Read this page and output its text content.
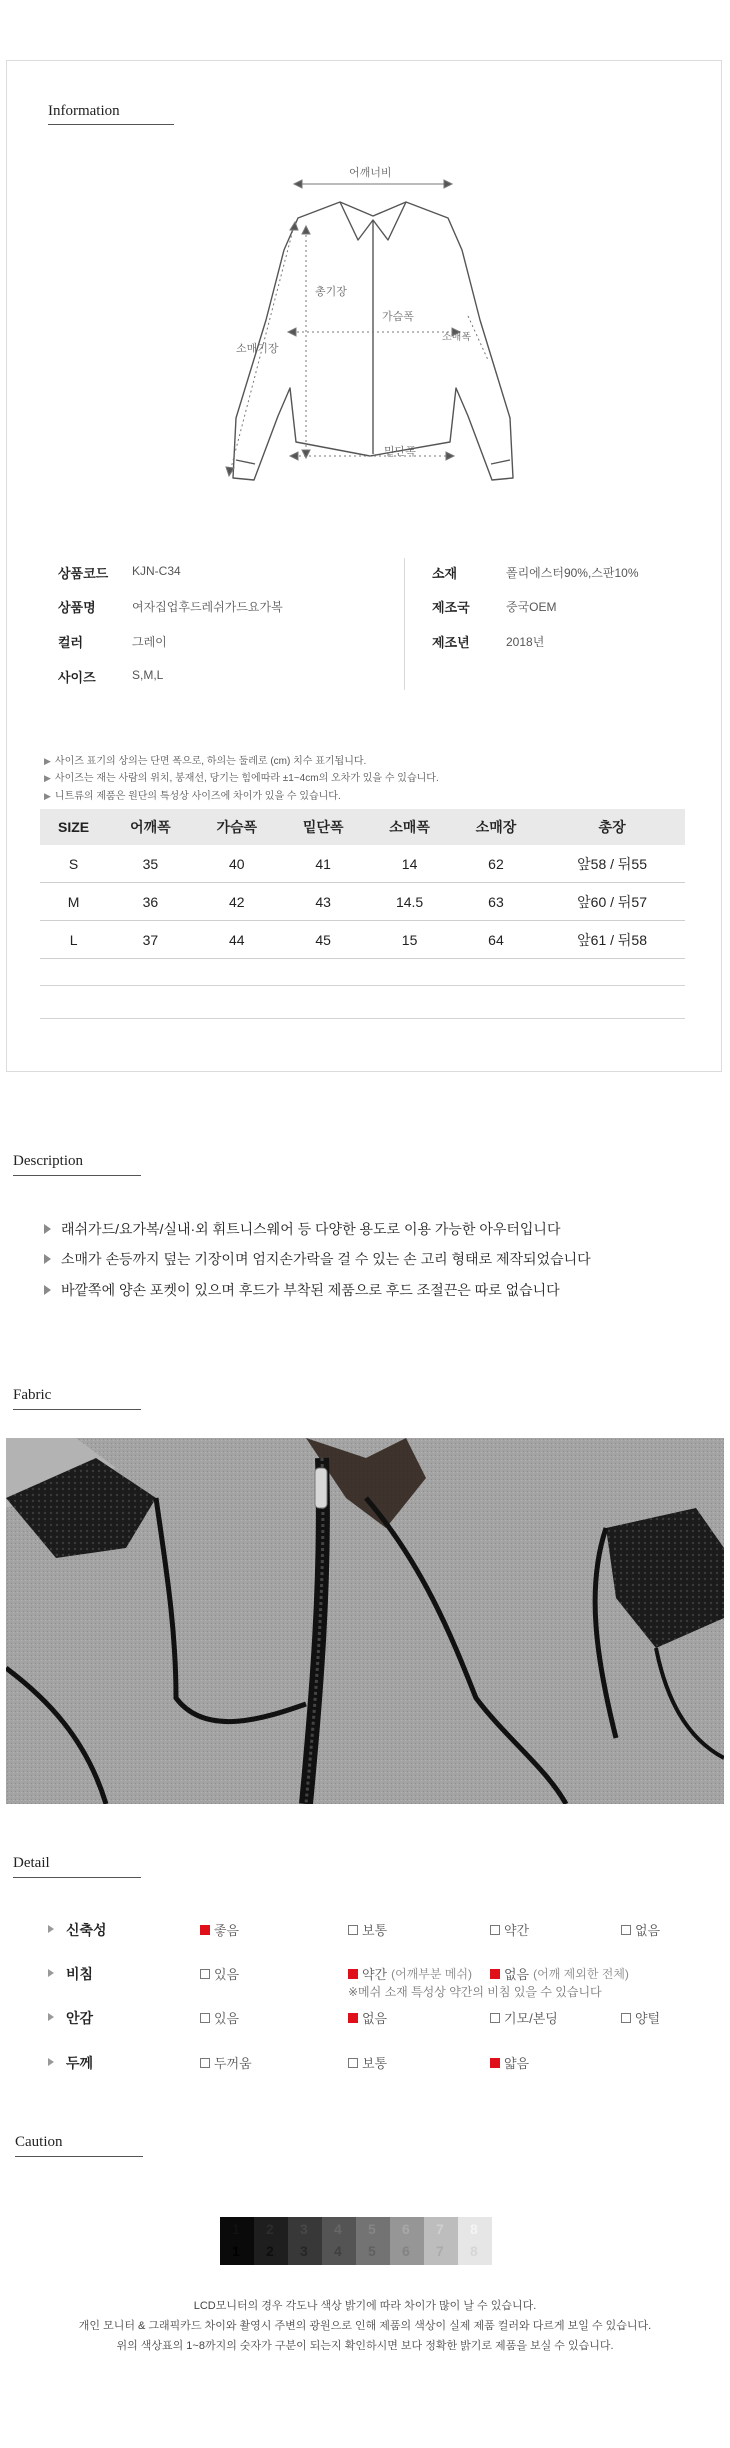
Information
어깨너비
총기장
가슴폭
소매폭
소매기장
밑단폭
상품코드 KJN-C34
상품명	여자집업후드레쉬가드요가복
컬러	그레이
사이즈	S,M,L
소재	폴리에스터90%,스판10%
제조국	중국OEM
제조년	2018년
▶ 사이즈 표기의 상의는 단면 폭으로, 하의는 둘레로 (cm) 치수 표기됩니다.
▶ 사이즈는 재는 사람의 위치, 봉재선, 당기는 힘에따라 ±1~4cm의 오차가 있을 수 있습니다.
▶ 니트류의 제품은 원단의 특성상 사이즈에 차이가 있을 수 있습니다.
SIZE	어깨폭	가슴폭	밑단폭	소매폭	소매장	총장
S	35	40	41	14	62	앞58 / 뒤55
M	36	42	43	14.5	63	앞60 / 뒤57
L	37	44	45	15	64	앞61 / 뒤58
Description
래쉬가드/요가복/실내·외 휘트니스웨어 등 다양한 용도로 이용 가능한 아우터입니다
소매가 손등까지 덮는 기장이며 엄지손가락을 걸 수 있는 손 고리 형태로 제작되었습니다
바깥쪽에 양손 포켓이 있으며 후드가 부착된 제품으로 후드 조절끈은 따로 없습니다
Fabric
Detail
신축성	좋음	보통	약간	없음
비침	있음	약간 (어깨부분 메쉬) 없음 (어깨 제외한 전체)
※메쉬 소재 특성상 약간의 비침 있을 수 있습니다
안감	있음	없음	기모/본딩	양털
두께	두꺼움	보통	얇음
Caution
1
1
2
2
3
3
4
4
5
5
6
6
7
7
8
8
LCD모니터의 경우 각도나 색상 밝기에 따라 차이가 많이 날 수 있습니다.
개인 모니터 & 그래픽카드 차이와 촬영시 주변의 광원으로 인해 제품의 색상이 실제 제품 컬러와 다르게 보일 수 있습니다.
위의 색상표의 1~8까지의 숫자가 구분이 되는지 확인하시면 보다 정확한 밝기로 제품을 보실 수 있습니다.
